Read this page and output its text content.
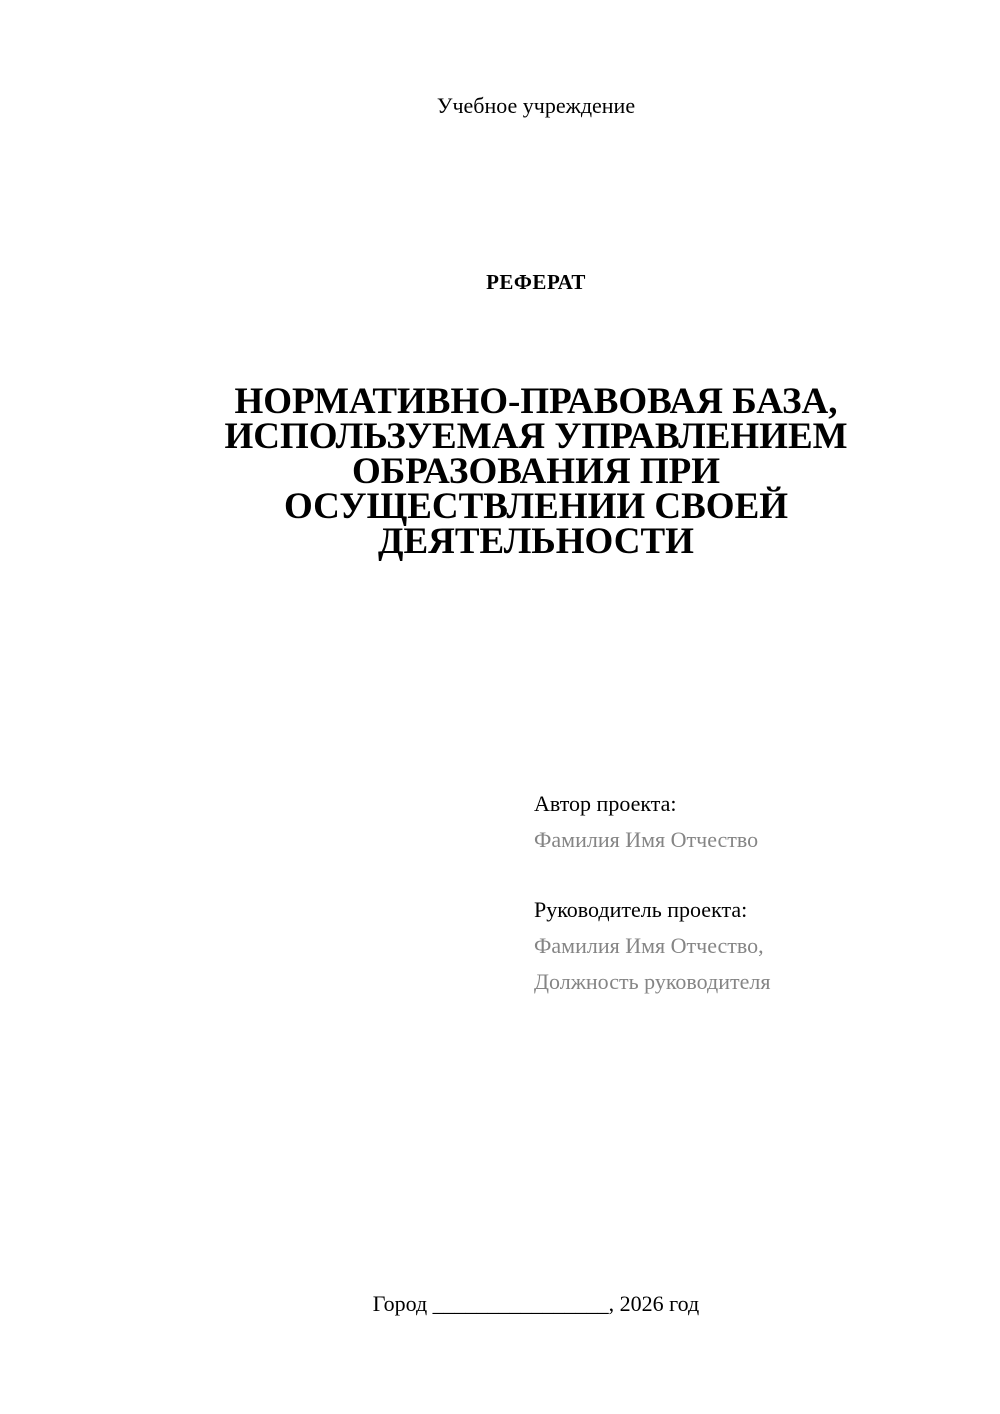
Учебное учреждение
РЕФЕРАТ
НОРМАТИВНО-ПРАВОВАЯ БАЗА,
ИСПОЛЬЗУЕМАЯ УПРАВЛЕНИЕМ
ОБРАЗОВАНИЯ ПРИ
ОСУЩЕСТВЛЕНИИ СВОЕЙ
ДЕЯТЕЛЬНОСТИ
Автор проекта:
Фамилия Имя Отчество
Руководитель проекта:
Фамилия Имя Отчество,
Должность руководителя
Город ________________, 2026 год
